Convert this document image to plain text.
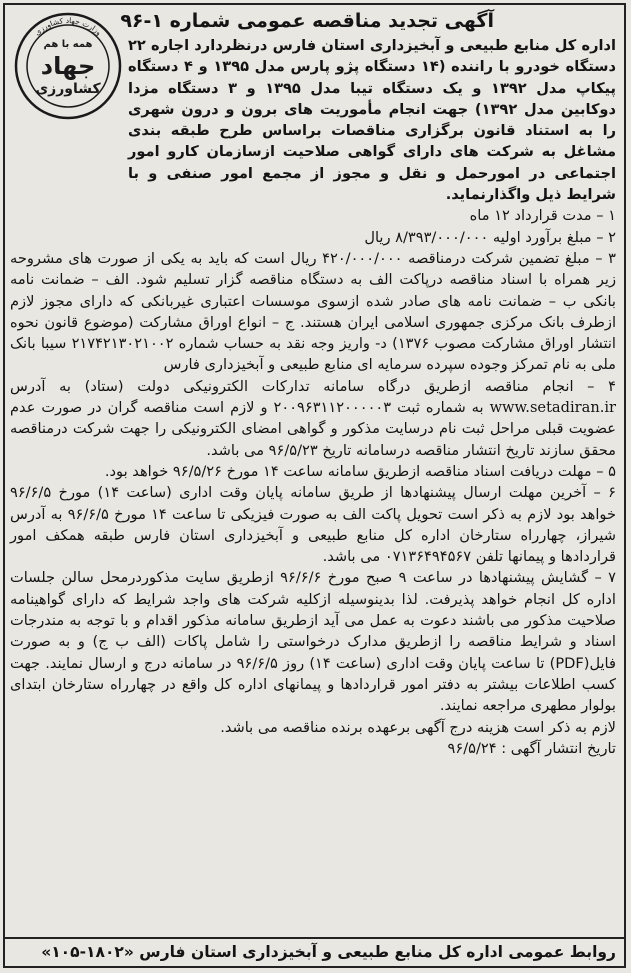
آگهی تجدید مناقصه عمومی شماره ۱-۹۶
وزارت جهاد کشاورزی
همه با هم
جهاد
کشاورزی

اداره کل منابع طبیعی و آبخیزداری استان فارس درنظردارد اجاره ۲۲ دستگاه خودرو با راننده (۱۴ دستگاه پژو پارس مدل ۱۳۹۵ و ۴ دستگاه پیکاپ مدل ۱۳۹۲ و یک دستگاه تیبا مدل ۱۳۹۵ و ۳ دستگاه مزدا دوکابین مدل ۱۳۹۲) جهت انجام مأموریت های برون و درون شهری را به استناد قانون برگزاری مناقصات براساس طرح طبقه بندی مشاغل به شرکت های دارای گواهی صلاحیت ازسازمان کارو امور اجتماعی در امورحمل و نقل و مجوز از مجمع امور صنفی و با شرایط ذیل واگذارنماید.

۱ – مدت قرارداد ۱۲ ماه

۲ – مبلغ برآورد اولیه ۸/۳۹۳/۰۰۰/۰۰۰ ریال

۳ – مبلغ تضمین شرکت درمناقصه ۴۲۰/۰۰۰/۰۰۰ ریال است که باید به یکی از صورت های مشروحه زیر همراه با اسناد مناقصه درپاکت الف به دستگاه مناقصه گزار تسلیم شود. الف – ضمانت نامه بانکی ب – ضمانت نامه های صادر شده ازسوی موسسات اعتباری غیربانکی که دارای مجوز لازم ازطرف بانک مرکزی جمهوری اسلامی ایران هستند. ج – انواع اوراق مشارکت (موضوع قانون نحوه انتشار اوراق مشارکت مصوب ۱۳۷۶) د- واریز وجه نقد به حساب شماره ۲۱۷۴۲۱۳۰۲۱۰۰۲ سیبا بانک ملی به نام تمرکز وجوده سپرده سرمایه ای منابع طبیعی و آبخیزداری فارس

۴ – انجام مناقصه ازطریق درگاه سامانه تدارکات الکترونیکی دولت (ستاد) به آدرس www.setadiran.ir به شماره ثبت ۲۰۰۹۶۳۱۱۲۰۰۰۰۰۳ و لازم است مناقصه گران در صورت عدم عضویت قبلی مراحل ثبت نام درسایت مذکور و گواهی امضای الکترونیکی را جهت شرکت درمناقصه محقق سازند تاریخ انتشار مناقصه درسامانه تاریخ ۹۶/۵/۲۳ می باشد.

۵ – مهلت دریافت اسناد مناقصه ازطریق سامانه ساعت ۱۴ مورخ ۹۶/۵/۲۶ خواهد بود.

۶ – آخرین مهلت ارسال پیشنهادها از طریق سامانه پایان وقت اداری (ساعت ۱۴) مورخ ۹۶/۶/۵ خواهد بود لازم به ذکر است تحویل پاکت الف به صورت فیزیکی تا ساعت ۱۴ مورخ ۹۶/۶/۵ به آدرس شیراز، چهارراه ستارخان اداره کل منابع طبیعی و آبخیزداری استان فارس طبقه همکف امور قراردادها و پیمانها تلفن ۰۷۱۳۶۴۹۴۵۶۷ می باشد.

۷ – گشایش پیشنهادها در ساعت ۹ صبح مورخ ۹۶/۶/۶ ازطریق سایت مذکوردرمحل سالن جلسات اداره کل انجام خواهد پذیرفت. لذا بدینوسیله ازکلیه شرکت های واجد شرایط که دارای گواهینامه صلاحیت مذکور می باشند دعوت به عمل می آید ازطریق سامانه مذکور اقدام و با توجه به مندرجات اسناد و شرایط مناقصه را ازطریق مدارک درخواستی را شامل پاکات (الف ب ج) و به صورت فایل(PDF) تا ساعت پایان وقت اداری (ساعت ۱۴) روز ۹۶/۶/۵ در سامانه درج و ارسال نمایند. جهت کسب اطلاعات بیشتر به دفتر امور قراردادها و پیمانهای اداره کل واقع در چهارراه ستارخان ابتدای بولوار مطهری مراجعه نمایند.

لازم به ذکر است هزینه درج آگهی برعهده برنده مناقصه می باشد.

تاریخ انتشار آگهی : ۹۶/۵/۲۴

روابط عمومی اداره کل منابع طبیعی و آبخیزداری استان فارس «۱۸۰۲-۱۰۵»
